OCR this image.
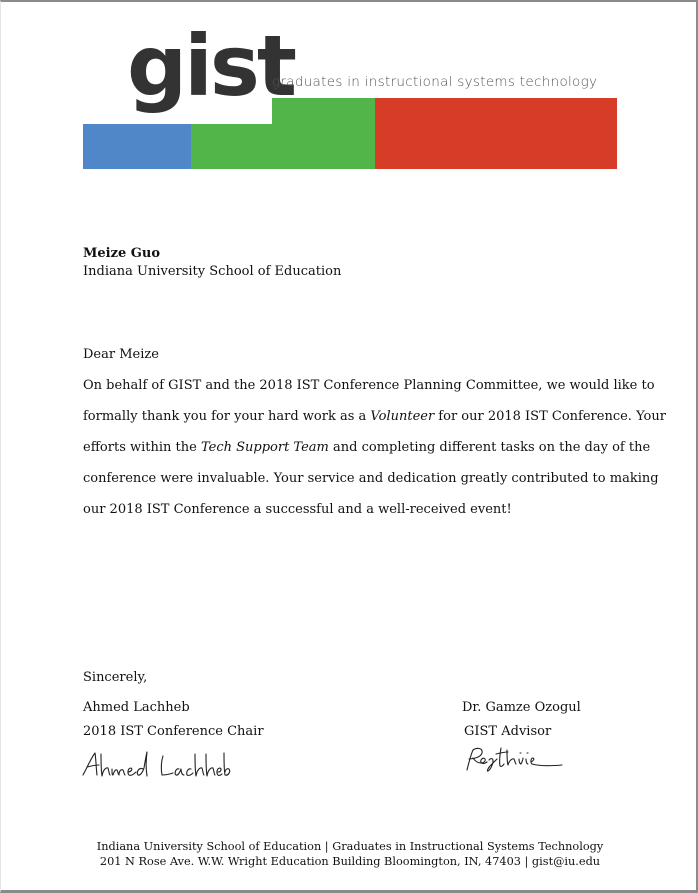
gist
graduates in instructional systems technology
Meize Guo
Indiana University School of Education
Dear Meize
On behalf of GIST and the 2018 IST Conference Planning Committee, we would like to
formally thank you for your hard work as a Volunteer for our 2018 IST Conference. Your
efforts within the Tech Support Team and completing different tasks on the day of the
conference were invaluable. Your service and dedication greatly contributed to making
our 2018 IST Conference a successful and a well-received event!
Sincerely,
Ahmed Lachheb
2018 IST Conference Chair
Dr. Gamze Ozogul
GIST Advisor
Indiana University School of Education | Graduates in Instructional Systems Technology
201 N Rose Ave. W.W. Wright Education Building Bloomington, IN, 47403 | gist@iu.edu
